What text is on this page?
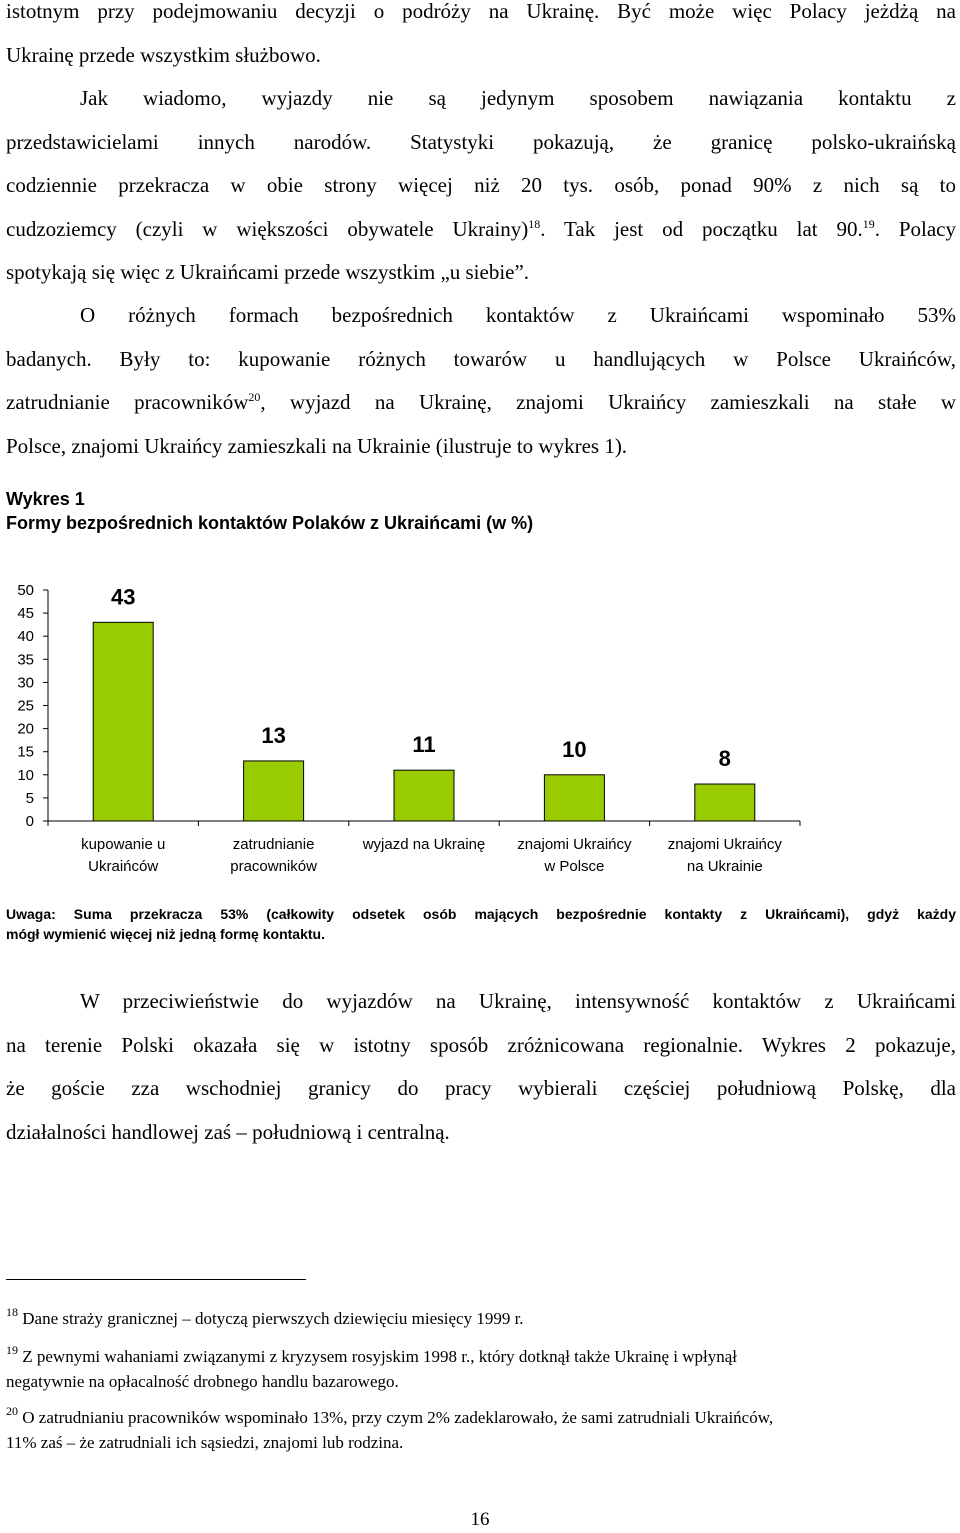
istotnym przy podejmowaniu decyzji o podróży na Ukrainę. Być może więc Polacy jeżdżą na
Ukrainę przede wszystkim służbowo.
Jak wiadomo, wyjazdy nie są jedynym sposobem nawiązania kontaktu z
przedstawicielami innych narodów. Statystyki pokazują, że granicę polsko-ukraińską
codziennie przekracza w obie strony więcej niż 20 tys. osób, ponad 90% z nich są to
cudzoziemcy (czyli w większości obywatele Ukrainy)$^{18}$. Tak jest od początku lat 90.19. Polacy
spotykają się więc z Ukraińcami przede wszystkim „u siebie”.
O różnych formach bezpośrednich kontaktów z Ukraińcami wspominało 53%
badanych. Były to: kupowanie różnych towarów u handlujących w Polsce Ukraińców,
zatrudnianie pracowników$^{20}$, wyjazd na Ukrainę, znajomi Ukraińcy zamieszkali na stałe w
Polsce, znajomi Ukraińcy zamieszkali na Ukrainie (ilustruje to wykres 1).
Wykres 1
Formy bezpośrednich kontaktów Polaków z Ukraińcami (w %)
0
5
10
15
20
25
30
35
40
45
50	43
kupowanie u
Ukraińców
13
zatrudnianie
pracowników
11
wyjazd na Ukrainę
10
znajomi Ukraińcy
w Polsce
8
znajomi Ukraińcy
na Ukrainie
Uwaga: Suma przekracza 53% (całkowity odsetek osób mających bezpośrednie kontakty z Ukraińcami), gdyż każdy
mógł wymienić więcej niż jedną formę kontaktu.
W przeciwieństwie do wyjazdów na Ukrainę, intensywność kontaktów z Ukraińcami
na terenie Polski okazała się w istotny sposób zróżnicowana regionalnie. Wykres 2 pokazuje,
że goście zza wschodniej granicy do pracy wybierali częściej południową Polskę, dla
działalności handlowej zaś – południową i centralną.
$^{18}$ Dane straży granicznej – dotyczą pierwszych dziewięciu miesięcy 1999 r.
$^{19}$ Z pewnymi wahaniami związanymi z kryzysem rosyjskim 1998 r., który dotknął także Ukrainę i wpłynął
negatywnie na opłacalność drobnego handlu bazarowego.
$^{20}$ O zatrudnianiu pracowników wspominało 13%, przy czym 2% zadeklarowało, że sami zatrudniali Ukraińców,
11% zaś – że zatrudniali ich sąsiedzi, znajomi lub rodzina.
16
